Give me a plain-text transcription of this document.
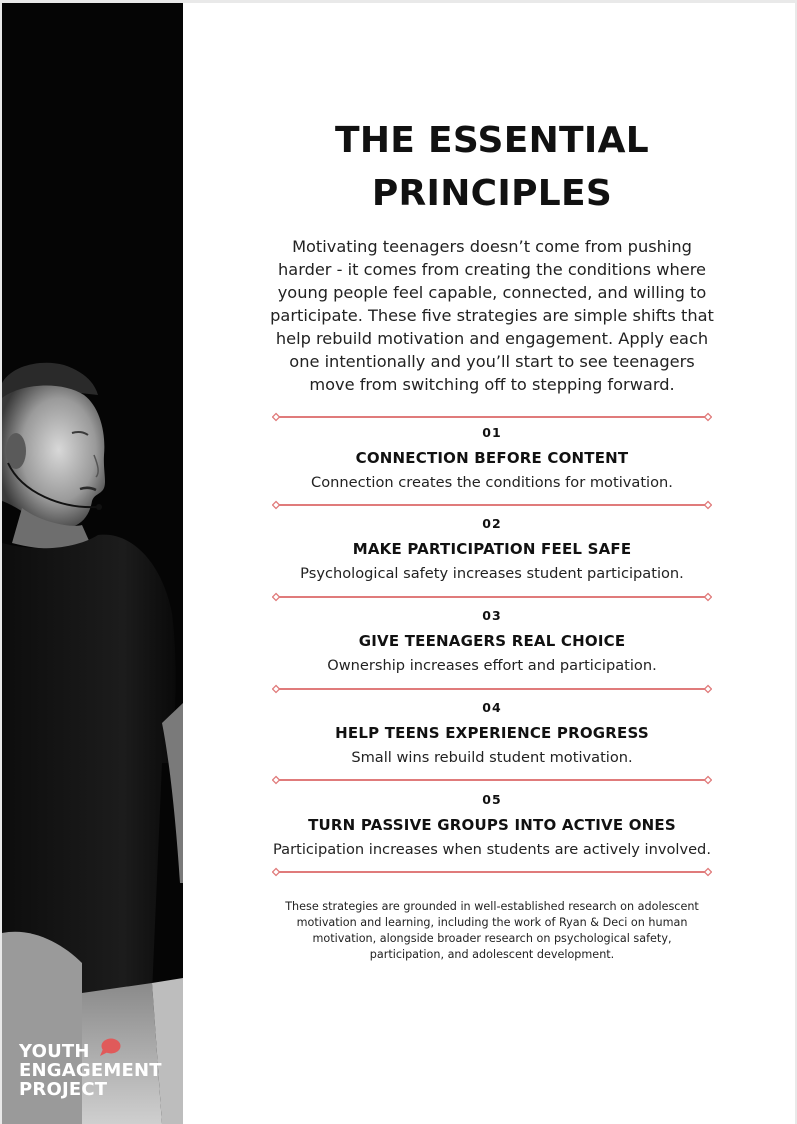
YOUTH
ENGAGEMENT
PROJECT
THE ESSENTIAL PRINCIPLES

Motivating teenagers doesn’t come from pushing harder - it comes from creating the conditions where young people feel capable, connected, and willing to participate. These five strategies are simple shifts that help rebuild motivation and engagement. Apply each one intentionally and you’ll start to see teenagers move from switching off to stepping forward.

01
CONNECTION BEFORE CONTENT
Connection creates the conditions for motivation.
02
MAKE PARTICIPATION FEEL SAFE
Psychological safety increases student participation.
03
GIVE TEENAGERS REAL CHOICE
Ownership increases effort and participation.
04
HELP TEENS EXPERIENCE PROGRESS
Small wins rebuild student motivation.
05
TURN PASSIVE GROUPS INTO ACTIVE ONES
Participation increases when students are actively involved.

These strategies are grounded in well-established research on adolescent motivation and learning, including the work of Ryan & Deci on human motivation, alongside broader research on psychological safety, participation, and adolescent development.
